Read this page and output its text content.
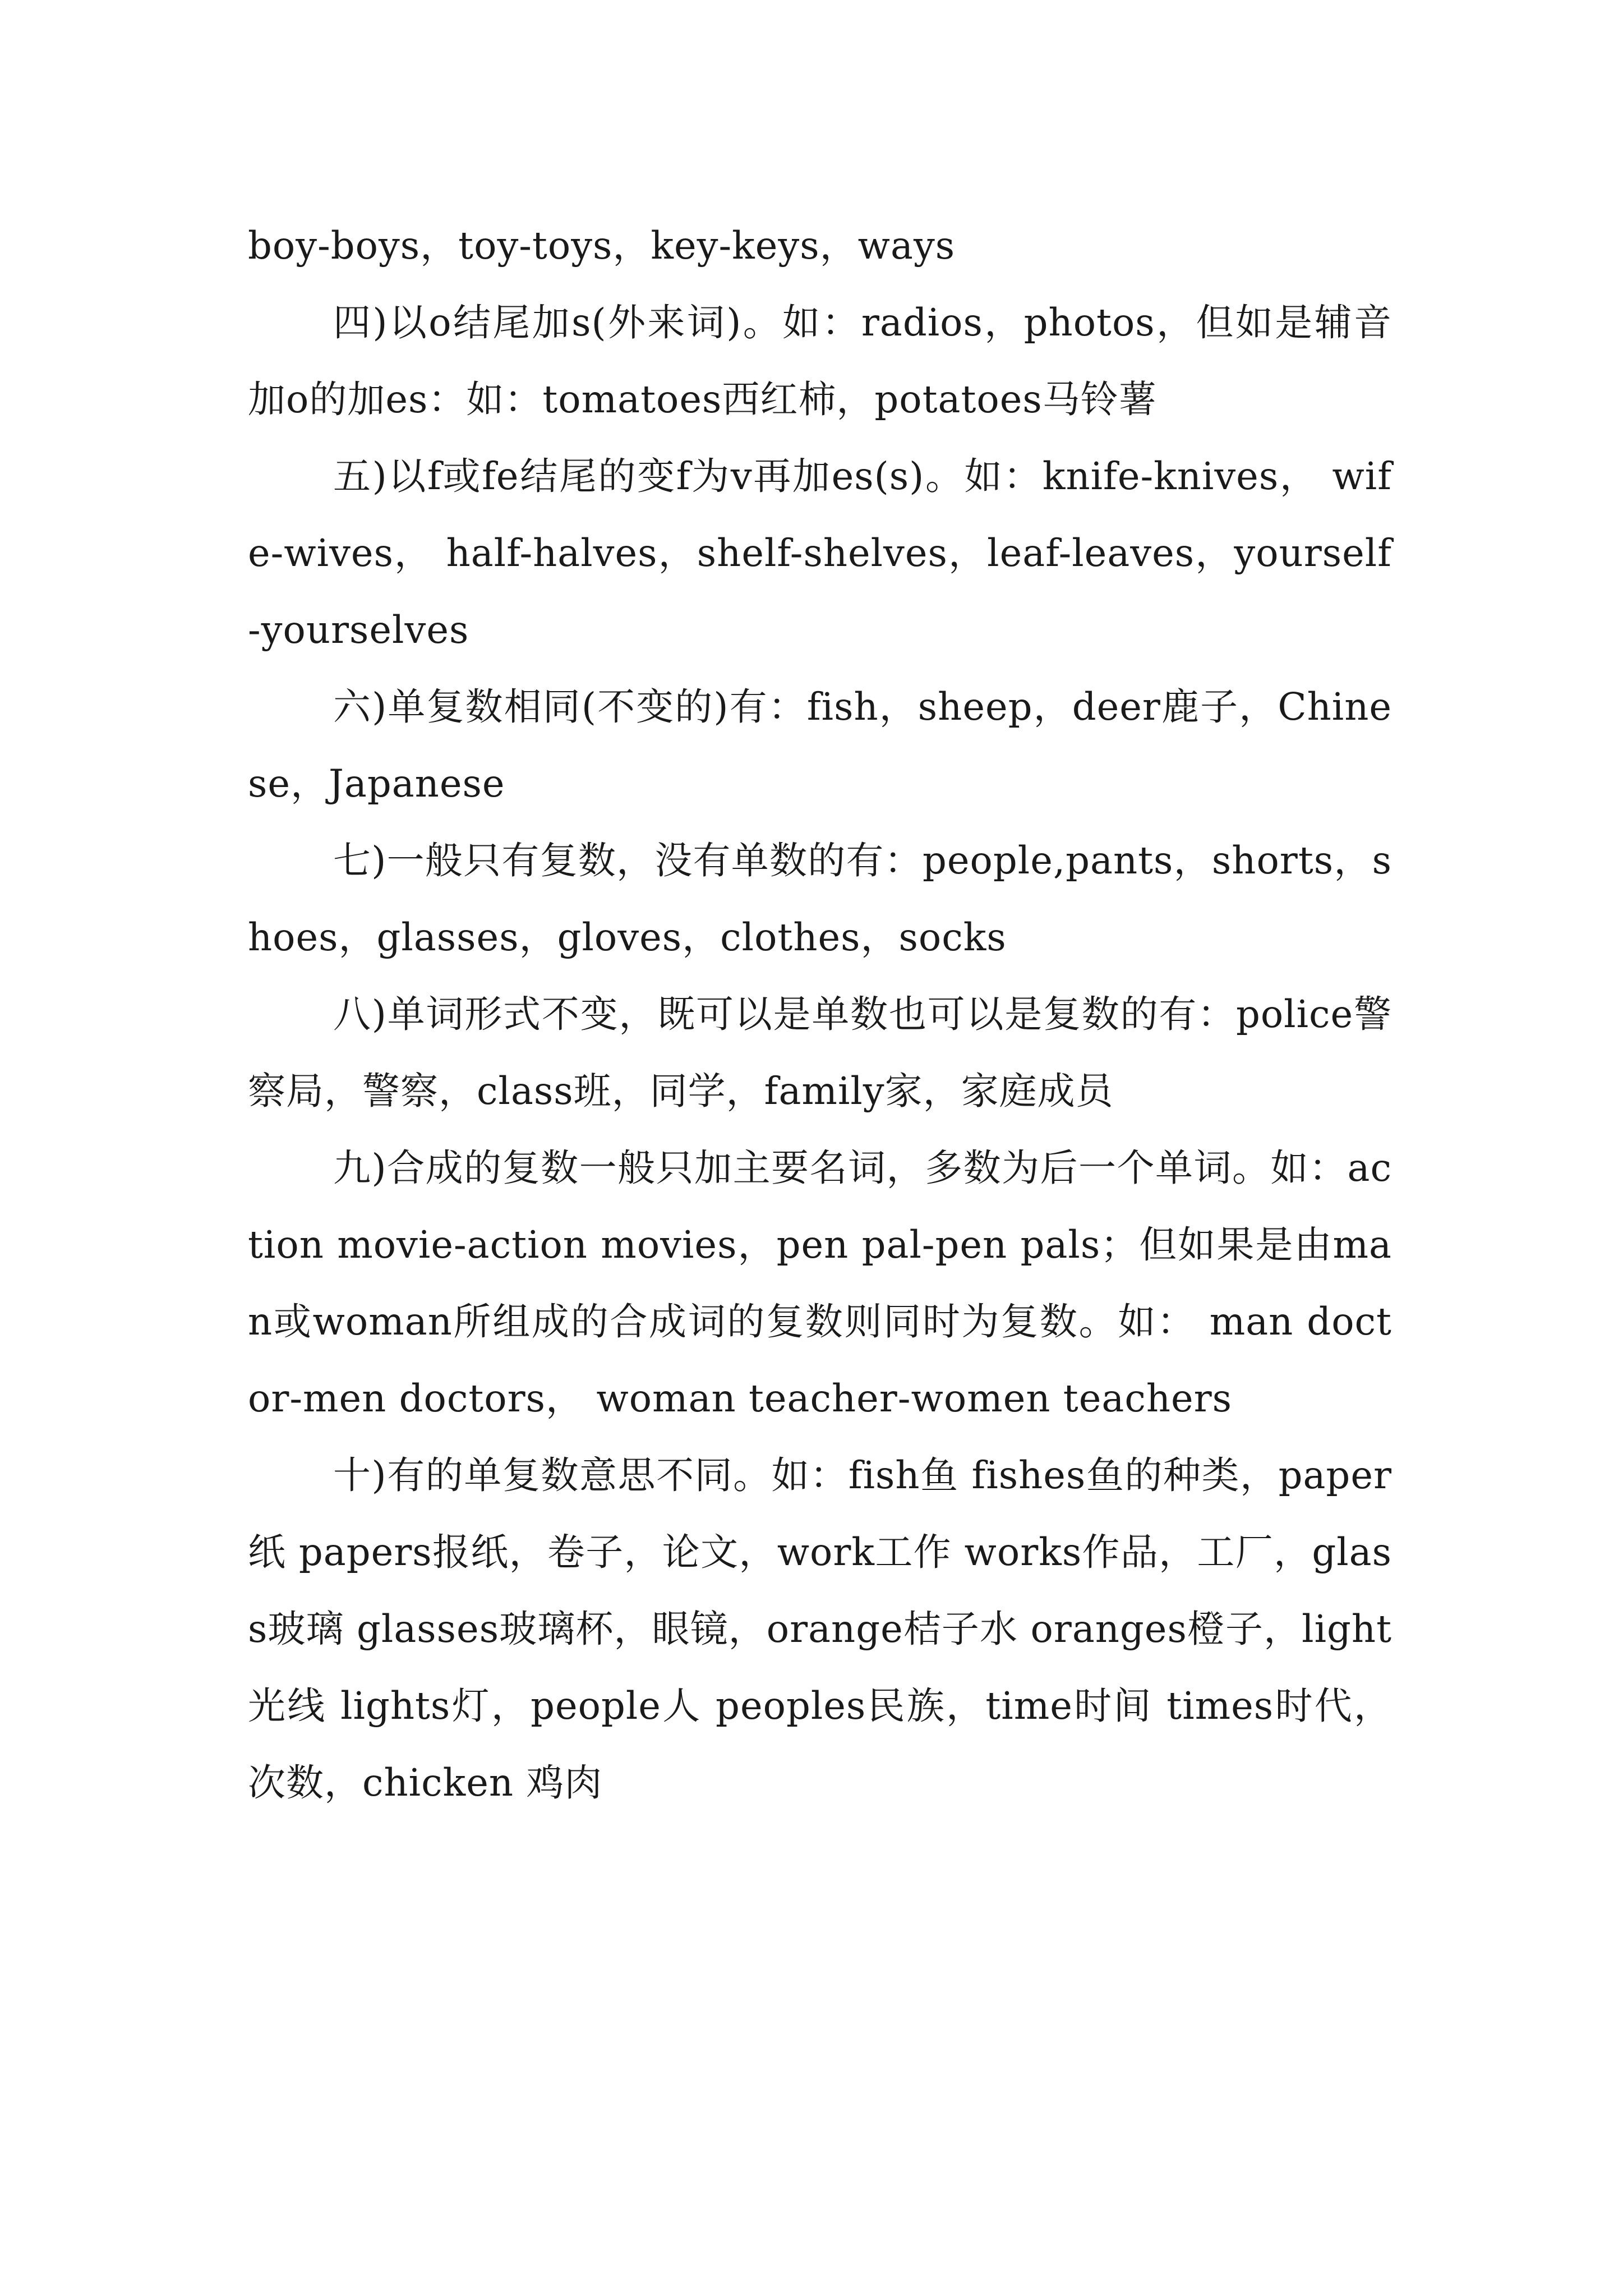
boy-boys，toy-toys，key-keys，ways

四)以o结尾加s(外来词)。如：radios，photos，但如是辅音加o的加es：如：tomatoes西红柿，potatoes马铃薯

五)以f或fe结尾的变f为v再加es(s)。如：knife-knives， wife-wives， half-halves，shelf-shelves，leaf-leaves，yourself-yourselves

六)单复数相同(不变的)有：fish，sheep，deer鹿子，Chinese，Japanese

七)一般只有复数，没有单数的有：people,pants，shorts，shoes，glasses，gloves，clothes，socks

八)单词形式不变，既可以是单数也可以是复数的有：police警察局，警察，class班，同学，family家，家庭成员

九)合成的复数一般只加主要名词，多数为后一个单词。如：action movie-action movies，pen pal-pen pals；但如果是由man或woman所组成的合成词的复数则同时为复数。如： man doctor-men doctors， woman teacher-women teachers

十)有的单复数意思不同。如：fish鱼 fishes鱼的种类，paper纸 papers报纸，卷子，论文，work工作 works作品，工厂，glass玻璃 glasses玻璃杯，眼镜，orange桔子水 oranges橙子，light光线 lights灯，people人 peoples民族，time时间 times时代，次数，chicken 鸡肉
